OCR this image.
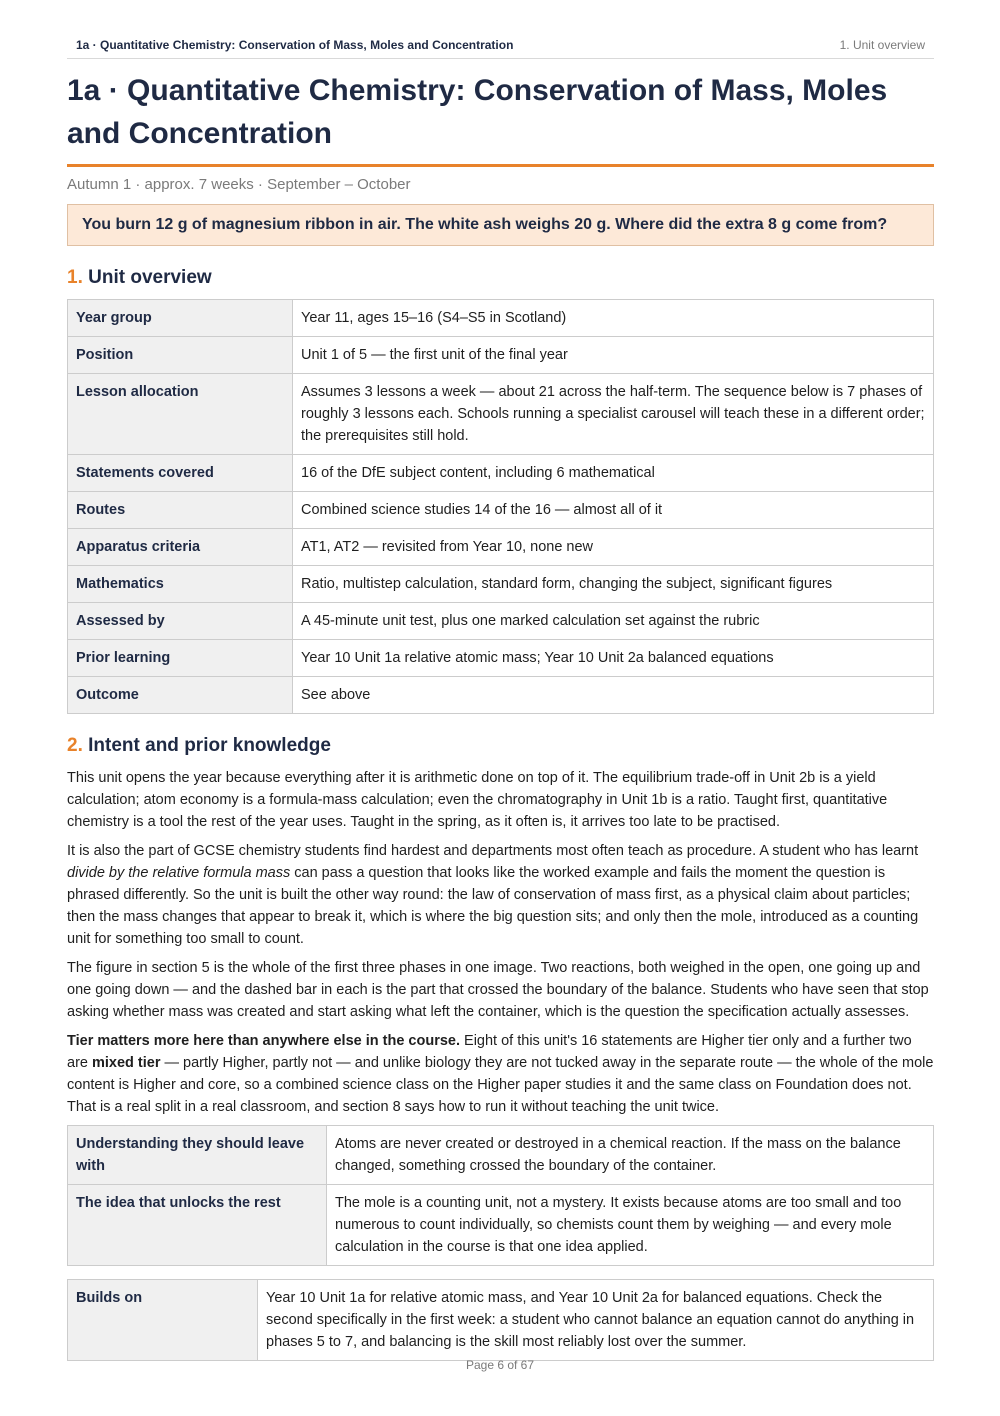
1a · Quantitative Chemistry: Conservation of Mass, Moles and Concentration	1. Unit overview
1a · Quantitative Chemistry: Conservation of Mass, Moles and Concentration
Autumn 1 · approx. 7 weeks · September – October
You burn 12 g of magnesium ribbon in air. The white ash weighs 20 g. Where did the extra 8 g come from?
1. Unit overview
Year group	Year 11, ages 15–16 (S4–S5 in Scotland)
Position	Unit 1 of 5 — the first unit of the final year
Lesson allocation	Assumes 3 lessons a week — about 21 across the half-term. The sequence below is 7 phases of roughly 3 lessons each. Schools running a specialist carousel will teach these in a different order; the prerequisites still hold.
Statements covered	16 of the DfE subject content, including 6 mathematical
Routes	Combined science studies 14 of the 16 — almost all of it
Apparatus criteria	AT1, AT2 — revisited from Year 10, none new
Mathematics	Ratio, multistep calculation, standard form, changing the subject, significant figures
Assessed by	A 45-minute unit test, plus one marked calculation set against the rubric
Prior learning	Year 10 Unit 1a relative atomic mass; Year 10 Unit 2a balanced equations
Outcome	See above
2. Intent and prior knowledge

This unit opens the year because everything after it is arithmetic done on top of it. The equilibrium trade-off in Unit 2b is a yield calculation; atom economy is a formula-mass calculation; even the chromatography in Unit 1b is a ratio. Taught first, quantitative chemistry is a tool the rest of the year uses. Taught in the spring, as it often is, it arrives too late to be practised.

It is also the part of GCSE chemistry students find hardest and departments most often teach as procedure. A student who has learnt divide by the relative formula mass can pass a question that looks like the worked example and fails the moment the question is phrased differently. So the unit is built the other way round: the law of conservation of mass first, as a physical claim about particles; then the mass changes that appear to break it, which is where the big question sits; and only then the mole, introduced as a counting unit for something too small to count.

The figure in section 5 is the whole of the first three phases in one image. Two reactions, both weighed in the open, one going up and one going down — and the dashed bar in each is the part that crossed the boundary of the balance. Students who have seen that stop asking whether mass was created and start asking what left the container, which is the question the specification actually assesses.

Tier matters more here than anywhere else in the course. Eight of this unit's 16 statements are Higher tier only and a further two are mixed tier — partly Higher, partly not — and unlike biology they are not tucked away in the separate route — the whole of the mole content is Higher and core, so a combined science class on the Higher paper studies it and the same class on Foundation does not. That is a real split in a real classroom, and section 8 says how to run it without teaching the unit twice.

Understanding they should leave with	Atoms are never created or destroyed in a chemical reaction. If the mass on the balance changed, something crossed the boundary of the container.
The idea that unlocks the rest	The mole is a counting unit, not a mystery. It exists because atoms are too small and too numerous to count individually, so chemists count them by weighing — and every mole calculation in the course is that one idea applied.
Builds on	Year 10 Unit 1a for relative atomic mass, and Year 10 Unit 2a for balanced equations. Check the second specifically in the first week: a student who cannot balance an equation cannot do anything in phases 5 to 7, and balancing is the skill most reliably lost over the summer.
Page 6 of 67
